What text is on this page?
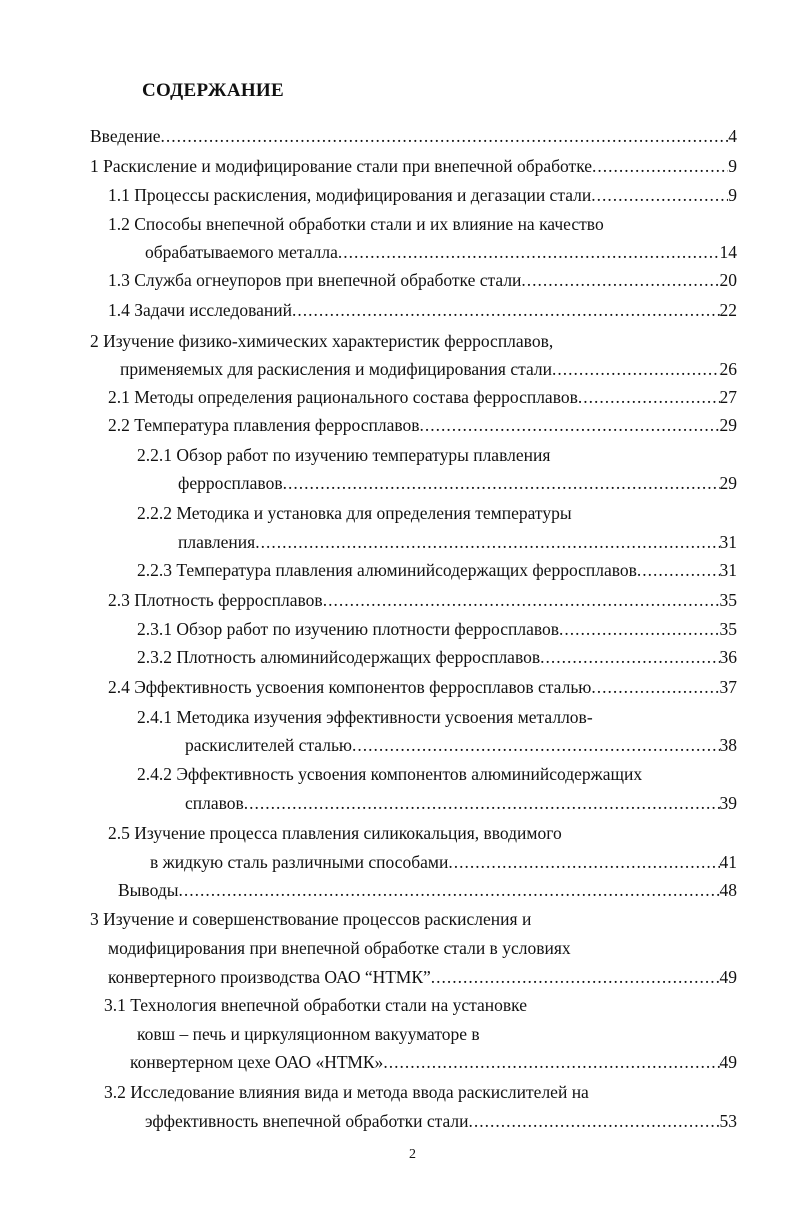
СОДЕРЖАНИЕ
Введение .....	4
1 Раскисление и модифицирование стали при внепечной обработке .....	9
1.1 Процессы раскисления, модифицирования и дегазации стали .....	9
1.2 Способы внепечной обработки стали и их влияние на качество
обрабатываемого металла .....	14
1.3 Служба огнеупоров при внепечной обработке стали .....	20
1.4 Задачи исследований .....	22
2 Изучение физико-химических характеристик ферросплавов,
применяемых для раскисления и модифицирования стали .....	26
2.1 Методы определения рационального состава ферросплавов .....	27
2.2 Температура плавления ферросплавов .....	29
2.2.1 Обзор работ по изучению температуры плавления
ферросплавов .....	29
2.2.2 Методика и установка для определения температуры
плавления .....	31
2.2.3 Температура плавления алюминийсодержащих ферросплавов .....	31
2.3 Плотность ферросплавов .....	35
2.3.1 Обзор работ по изучению плотности ферросплавов .....	35
2.3.2 Плотность алюминийсодержащих ферросплавов .....	36
2.4 Эффективность усвоения компонентов ферросплавов сталью .....	37
2.4.1 Методика изучения эффективности усвоения металлов-
раскислителей сталью .....	38
2.4.2 Эффективность усвоения компонентов алюминийсодержащих
сплавов .....	39
2.5 Изучение процесса плавления силикокальция, вводимого
в жидкую сталь различными способами .....	41
Выводы .....	48
3 Изучение и совершенствование процессов раскисления и
модифицирования при внепечной обработке стали в условиях
конвертерного производства ОАО “НТМК” .....	49
3.1 Технология внепечной обработки стали на установке
ковш – печь и циркуляционном вакууматоре в
конвертерном цехе ОАО «НТМК» .....	49
3.2 Исследование влияния вида и метода ввода раскислителей на
эффективность внепечной обработки стали .....	53
2
